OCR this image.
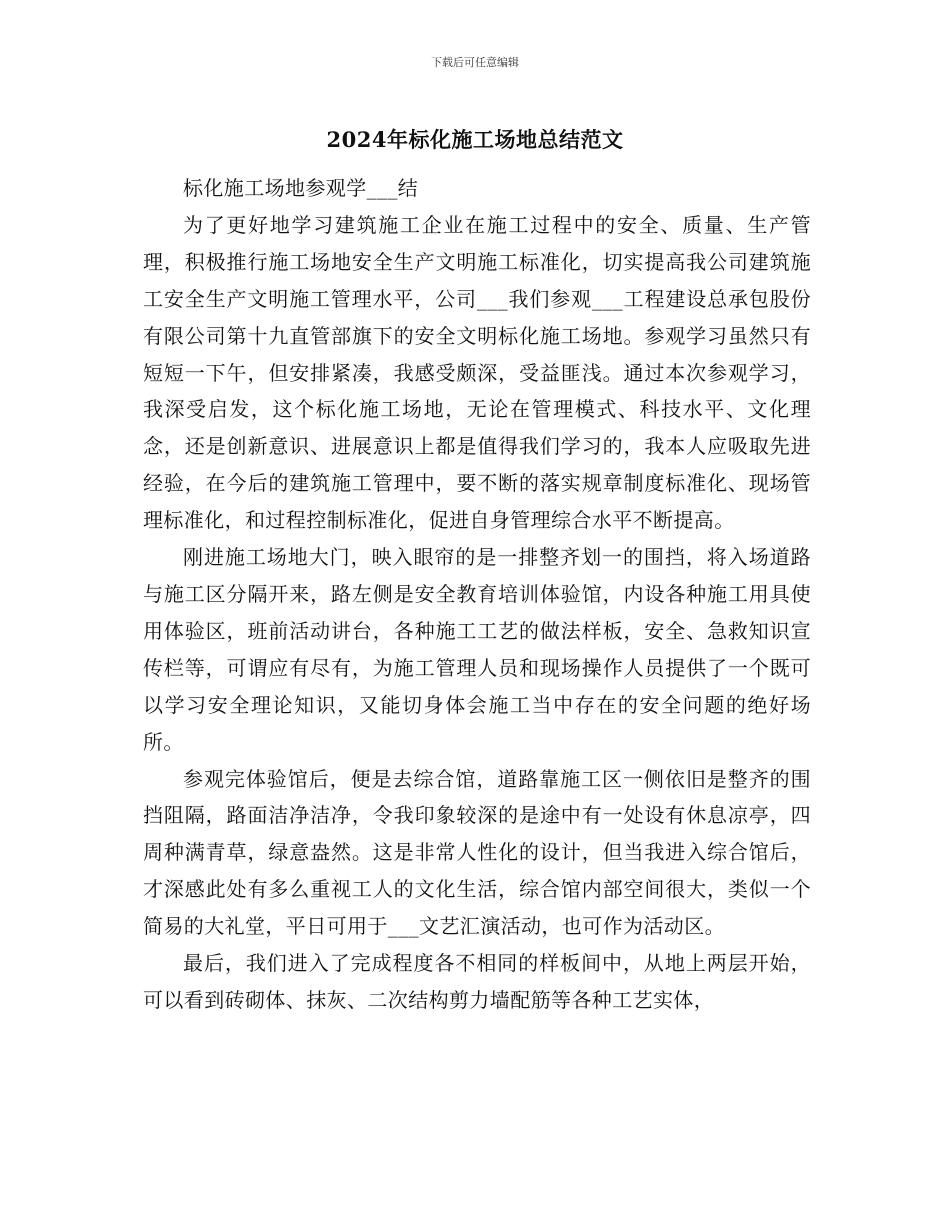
下载后可任意编辑
2024年标化施工场地总结范文

标化施工场地参观学___结

为了更好地学习建筑施工企业在施工过程中的安全、质量、生产管理，积极推行施工场地安全生产文明施工标准化，切实提高我公司建筑施工安全生产文明施工管理水平，公司___我们参观___工程建设总承包股份有限公司第十九直管部旗下的安全文明标化施工场地。参观学习虽然只有短短一下午，但安排紧凑，我感受颇深，受益匪浅。通过本次参观学习，我深受启发，这个标化施工场地，无论在管理模式、科技水平、文化理念，还是创新意识、进展意识上都是值得我们学习的，我本人应吸取先进经验，在今后的建筑施工管理中，要不断的落实规章制度标准化、现场管理标准化，和过程控制标准化，促进自身管理综合水平不断提高。

刚进施工场地大门，映入眼帘的是一排整齐划一的围挡，将入场道路与施工区分隔开来，路左侧是安全教育培训体验馆，内设各种施工用具使用体验区，班前活动讲台，各种施工工艺的做法样板，安全、急救知识宣传栏等，可谓应有尽有，为施工管理人员和现场操作人员提供了一个既可以学习安全理论知识，又能切身体会施工当中存在的安全问题的绝好场所。

参观完体验馆后，便是去综合馆，道路靠施工区一侧依旧是整齐的围挡阻隔，路面洁净洁净，令我印象较深的是途中有一处设有休息凉亭，四周种满青草，绿意盎然。这是非常人性化的设计，但当我进入综合馆后，才深感此处有多么重视工人的文化生活，综合馆内部空间很大，类似一个简易的大礼堂，平日可用于___文艺汇演活动，也可作为活动区。

最后，我们进入了完成程度各不相同的样板间中，从地上两层开始，可以看到砖砌体、抹灰、二次结构剪力墙配筋等各种工艺实体，
